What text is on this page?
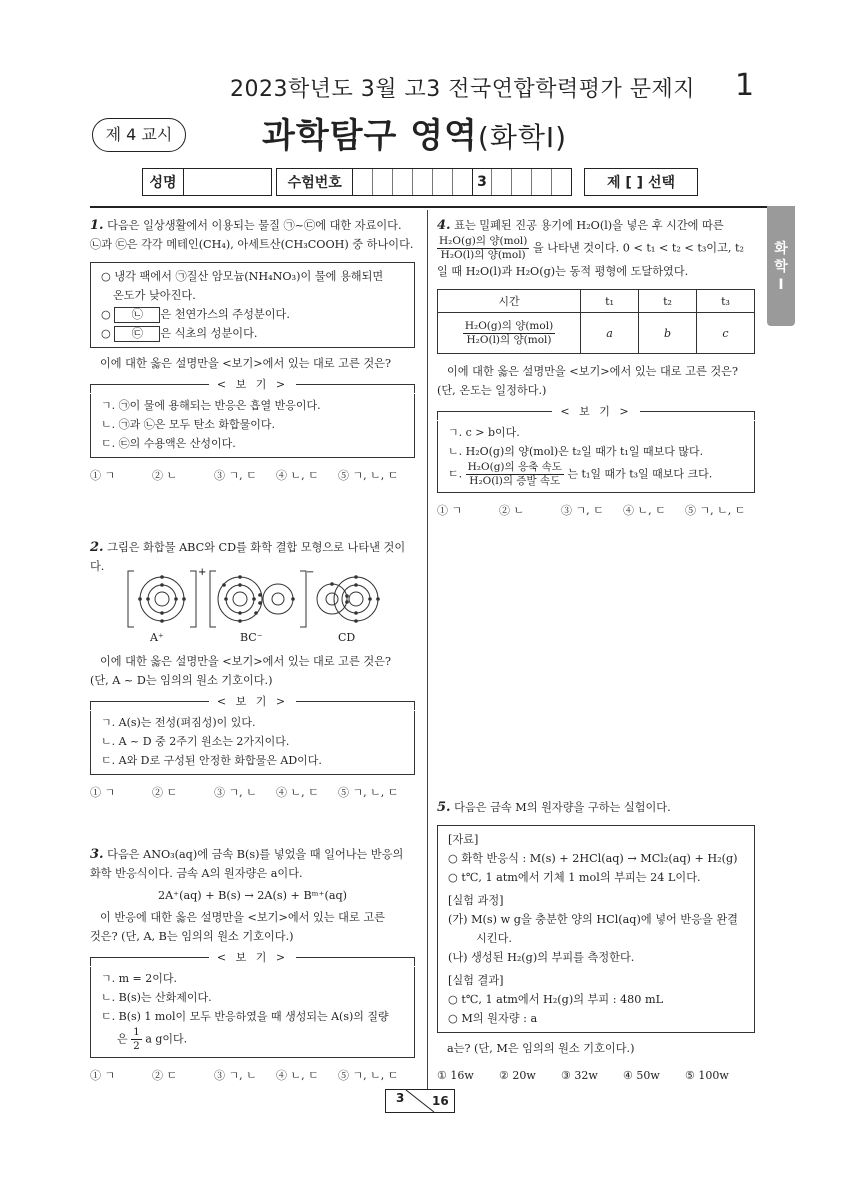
2023학년도 3월 고3 전국연합학력평가 문제지 1
제 4 교시	과학탐구 영역(화학Ⅰ)
성명	수험번호	3	제 [ ] 선택
화
학
Ⅰ
1. 다음은 일상생활에서 이용되는 물질 ㉠~㉢에 대한 자료이다.
㉡과 ㉢은 각각 메테인(CH₄), 아세트산(CH₃COOH) 중 하나이다.
○ 냉각 팩에서 ㉠질산 암모늄(NH₄NO₃)이 물에 용해되면
온도가 낮아진다.
○ ㉡ 은 천연가스의 주성분이다.
○ ㉢ 은 식초의 성분이다.
이에 대한 옳은 설명만을 <보기>에서 있는 대로 고른 것은?
< 보 기 >
ㄱ. ㉠이 물에 용해되는 반응은 흡열 반응이다.
ㄴ. ㉠과 ㉡은 모두 탄소 화합물이다.
ㄷ. ㉢의 수용액은 산성이다.
① ㄱ	② ㄴ	③ ㄱ, ㄷ	④ ㄴ, ㄷ	⑤ ㄱ, ㄴ, ㄷ
2. 그림은 화합물 ABC와 CD를 화학 결합 모형으로 나타낸 것이다.	+	−
A⁺	BC⁻	CD
이에 대한 옳은 설명만을 <보기>에서 있는 대로 고른 것은?
(단, A ~ D는 임의의 원소 기호이다.)
< 보 기 >
ㄱ. A(s)는 전성(펴짐성)이 있다.
ㄴ. A ~ D 중 2주기 원소는 2가지이다.
ㄷ. A와 D로 구성된 안정한 화합물은 AD이다.
① ㄱ	② ㄷ	③ ㄱ, ㄴ	④ ㄴ, ㄷ	⑤ ㄱ, ㄴ, ㄷ
3. 다음은 ANO₃(aq)에 금속 B(s)를 넣었을 때 일어나는 반응의
화학 반응식이다. 금속 A의 원자량은 a이다.
2A⁺(aq) + B(s) → 2A(s) + Bᵐ⁺(aq)
이 반응에 대한 옳은 설명만을 <보기>에서 있는 대로 고른
것은? (단, A, B는 임의의 원소 기호이다.)
< 보 기 >
ㄱ. m = 2이다.
ㄴ. B(s)는 산화제이다.
ㄷ. B(s) 1 mol이 모두 반응하였을 때 생성되는 A(s)의 질량
은 $\frac{1}{2}$ a g이다.
① ㄱ	② ㄷ	③ ㄱ, ㄴ	④ ㄴ, ㄷ	⑤ ㄱ, ㄴ, ㄷ
4. 표는 밀폐된 진공 용기에 H₂O(l)을 넣은 후 시간에 따른
$\frac{\text{H₂O(g)의 양(mol)}}{\text{H₂O(l)의 양(mol)}}$ 을 나타낸 것이다. 0 < t₁ < t₂ < t₃이고, t₂
일 때 H₂O(l)과 H₂O(g)는 동적 평형에 도달하였다.
시간	t₁	t₂	t₃

$\frac{\text{H₂O(g)의 양(mol)}}{\text{H₂O(l)의 양(mol)}}$	a	b	c
이에 대한 옳은 설명만을 <보기>에서 있는 대로 고른 것은?
(단, 온도는 일정하다.)
< 보 기 >
ㄱ. c > b이다.
ㄴ. H₂O(g)의 양(mol)은 t₂일 때가 t₁일 때보다 많다.
ㄷ. $\frac{\text{H₂O(g)의 응축 속도}}{\text{H₂O(l)의 증발 속도}}$ 는 t₁일 때가 t₃일 때보다 크다.
① ㄱ	② ㄴ	③ ㄱ, ㄷ	④ ㄴ, ㄷ	⑤ ㄱ, ㄴ, ㄷ
5. 다음은 금속 M의 원자량을 구하는 실험이다.
[자료]
○ 화학 반응식 : M(s) + 2HCl(aq) → MCl₂(aq) + H₂(g)
○ t℃, 1 atm에서 기체 1 mol의 부피는 24 L이다.
[실험 과정]
(가) M(s) w g을 충분한 양의 HCl(aq)에 넣어 반응을 완결
시킨다.
(나) 생성된 H₂(g)의 부피를 측정한다.
[실험 결과]
○ t℃, 1 atm에서 H₂(g)의 부피 : 480 mL
○ M의 원자량 : a
a는? (단, M은 임의의 원소 기호이다.)
① 16w	② 20w	③ 32w	④ 50w	⑤ 100w
3 16
